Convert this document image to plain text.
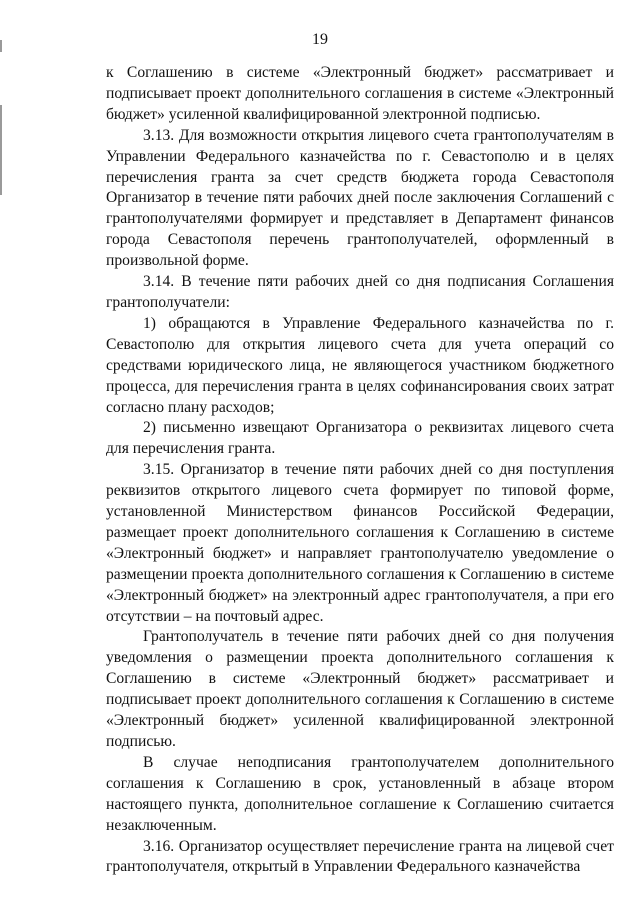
19

к Соглашению в системе «Электронный бюджет» рассматривает и подписывает проект дополнительного соглашения в системе «Электронный бюджет» усиленной квалифицированной электронной подписью.

3.13. Для возможности открытия лицевого счета грантополучателям в Управлении Федерального казначейства по г. Севастополю и в целях перечисления гранта за счет средств бюджета города Севастополя Организатор в течение пяти рабочих дней после заключения Соглашений с грантополучателями формирует и представляет в Департамент финансов города Севастополя перечень грантополучателей, оформленный в произвольной форме.

3.14. В течение пяти рабочих дней со дня подписания Соглашения грантополучатели:

1) обращаются в Управление Федерального казначейства по г. Севастополю для открытия лицевого счета для учета операций со средствами юридического лица, не являющегося участником бюджетного процесса, для перечисления гранта в целях софинансирования своих затрат согласно плану расходов;

2) письменно извещают Организатора о реквизитах лицевого счета для перечисления гранта.

3.15. Организатор в течение пяти рабочих дней со дня поступления реквизитов открытого лицевого счета формирует по типовой форме, установленной Министерством финансов Российской Федерации, размещает проект дополнительного соглашения к Соглашению в системе «Электронный бюджет» и направляет грантополучателю уведомление о размещении проекта дополнительного соглашения к Соглашению в системе «Электронный бюджет» на электронный адрес грантополучателя, а при его отсутствии – на почтовый адрес.

Грантополучатель в течение пяти рабочих дней со дня получения уведомления о размещении проекта дополнительного соглашения к Соглашению в системе «Электронный бюджет» рассматривает и подписывает проект дополнительного соглашения к Соглашению в системе «Электронный бюджет» усиленной квалифицированной электронной подписью.

В случае неподписания грантополучателем дополнительного соглашения к Соглашению в срок, установленный в абзаце втором настоящего пункта, дополнительное соглашение к Соглашению считается незаключенным.

3.16. Организатор осуществляет перечисление гранта на лицевой счет грантополучателя, открытый в Управлении Федерального казначейства
